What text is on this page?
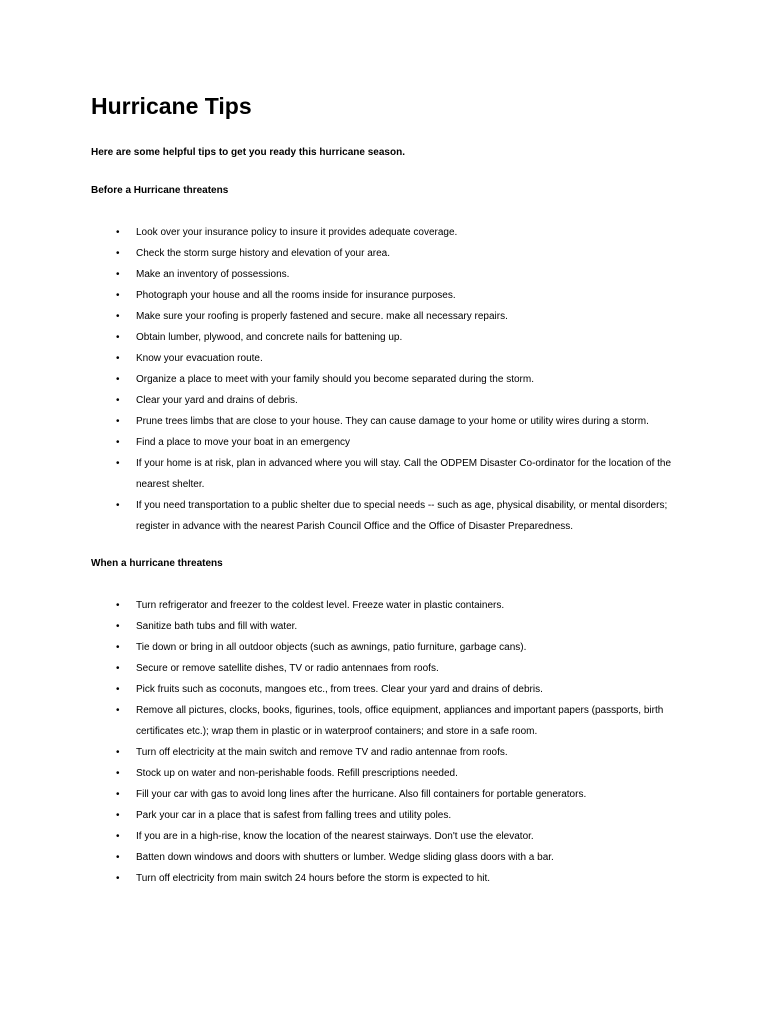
Hurricane Tips

Here are some helpful tips to get you ready this hurricane season.

Before a Hurricane threatens

• Look over your insurance policy to insure it provides adequate coverage.
• Check the storm surge history and elevation of your area.
• Make an inventory of possessions.
• Photograph your house and all the rooms inside for insurance purposes.
• Make sure your roofing is properly fastened and secure. make all necessary repairs.
• Obtain lumber, plywood, and concrete nails for battening up.
• Know your evacuation route.
• Organize a place to meet with your family should you become separated during the storm.
• Clear your yard and drains of debris.
• Prune trees limbs that are close to your house. They can cause damage to your home or utility wires during a storm.
• Find a place to move your boat in an emergency
• If your home is at risk, plan in advanced where you will stay. Call the ODPEM Disaster Co-ordinator for the location of the nearest shelter.
• If you need transportation to a public shelter due to special needs -- such as age, physical disability, or mental disorders; register in advance with the nearest Parish Council Office and the Office of Disaster Preparedness.

When a hurricane threatens

• Turn refrigerator and freezer to the coldest level. Freeze water in plastic containers.
• Sanitize bath tubs and fill with water.
• Tie down or bring in all outdoor objects (such as awnings, patio furniture, garbage cans).
• Secure or remove satellite dishes, TV or radio antennaes from roofs.
• Pick fruits such as coconuts, mangoes etc., from trees. Clear your yard and drains of debris.
• Remove all pictures, clocks, books, figurines, tools, office equipment, appliances and important papers (passports, birth certificates etc.); wrap them in plastic or in waterproof containers; and store in a safe room.
• Turn off electricity at the main switch and remove TV and radio antennae from roofs.
• Stock up on water and non-perishable foods. Refill prescriptions needed.
• Fill your car with gas to avoid long lines after the hurricane. Also fill containers for portable generators.
• Park your car in a place that is safest from falling trees and utility poles.
• If you are in a high-rise, know the location of the nearest stairways. Don't use the elevator.
• Batten down windows and doors with shutters or lumber. Wedge sliding glass doors with a bar.
• Turn off electricity from main switch 24 hours before the storm is expected to hit.
